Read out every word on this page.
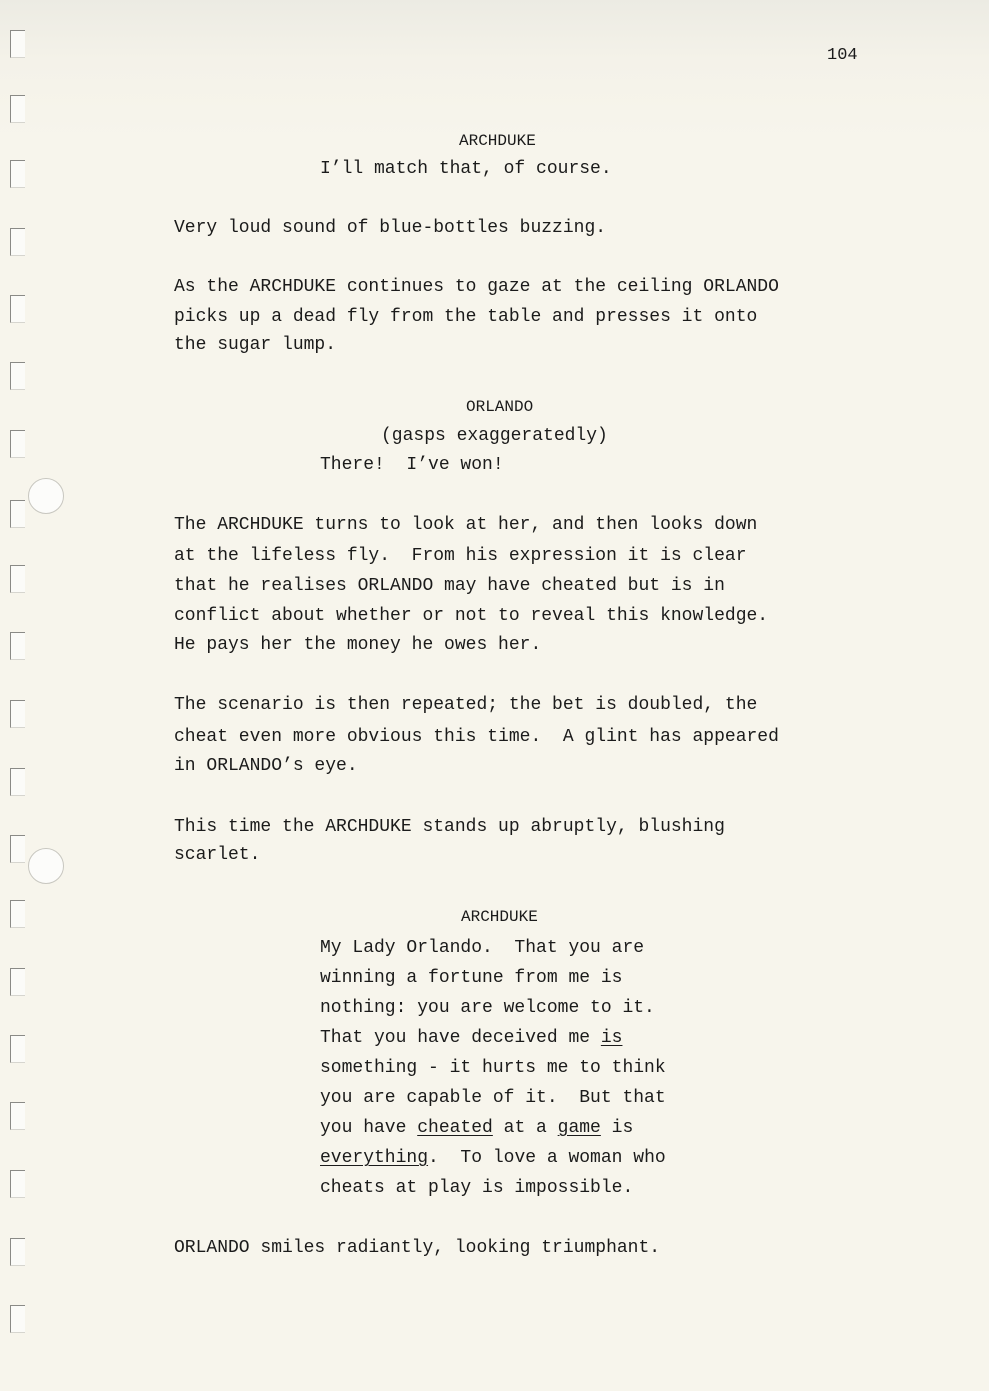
104
ARCHDUKE
I’ll match that, of course.
Very loud sound of blue-bottles buzzing.
As the ARCHDUKE continues to gaze at the ceiling ORLANDO
picks up a dead fly from the table and presses it onto
the sugar lump.
ORLANDO
(gasps exaggeratedly)
There!  I’ve won!
The ARCHDUKE turns to look at her, and then looks down
at the lifeless fly.  From his expression it is clear
that he realises ORLANDO may have cheated but is in
conflict about whether or not to reveal this knowledge.
He pays her the money he owes her.
The scenario is then repeated; the bet is doubled, the
cheat even more obvious this time.  A glint has appeared
in ORLANDO’s eye.
This time the ARCHDUKE stands up abruptly, blushing
scarlet.
ARCHDUKE
My Lady Orlando.  That you are
winning a fortune from me is
nothing: you are welcome to it.
That you have deceived me is
something - it hurts me to think
you are capable of it.  But that
you have cheated at a game is
everything.  To love a woman who
cheats at play is impossible.
ORLANDO smiles radiantly, looking triumphant.
